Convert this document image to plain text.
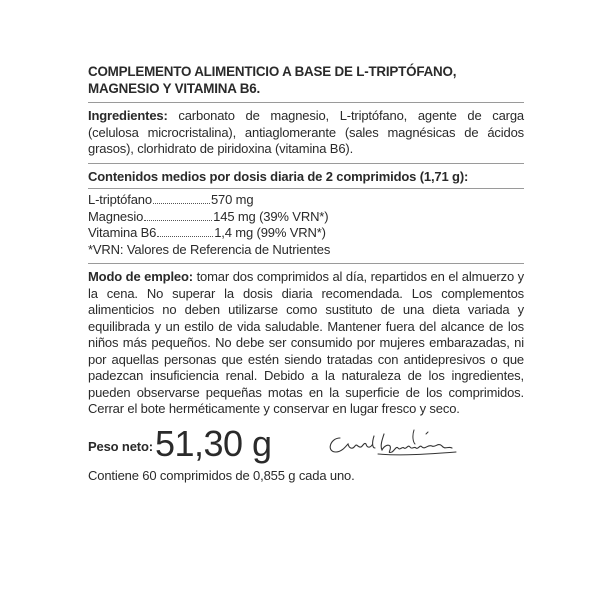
COMPLEMENTO ALIMENTICIO A BASE DE L-TRIPTÓFANO, MAGNESIO Y VITAMINA B6.

Ingredientes: carbonato de magnesio, L-triptófano, agente de carga (celulosa microcristalina), antiaglomerante (sales magnésicas de ácidos grasos), clorhidrato de piridoxina (vitamina B6).

Contenidos medios por dosis diaria de 2 comprimidos (1,71 g):

L-triptófano	570 mg
Magnesio	145 mg (39% VRN*)
Vitamina B6	1,4 mg (99% VRN*)

*VRN: Valores de Referencia de Nutrientes

Modo de empleo: tomar dos comprimidos al día, repartidos en el almuerzo y la cena. No superar la dosis diaria recomendada. Los complementos alimenticios no deben utilizarse como sustituto de una dieta variada y equilibrada y un estilo de vida saludable. Mantener fuera del alcance de los niños más pequeños. No debe ser consumido por mujeres embarazadas, ni por aquellas personas que estén siendo tratadas con antidepresivos o que padezcan insuficiencia renal. Debido a la naturaleza de los ingredientes, pueden observarse pequeñas motas en la superficie de los comprimidos. Cerrar el bote herméticamente y conservar en lugar fresco y seco.

Peso neto: 51,30 g

Contiene 60 comprimidos de 0,855 g cada uno.
